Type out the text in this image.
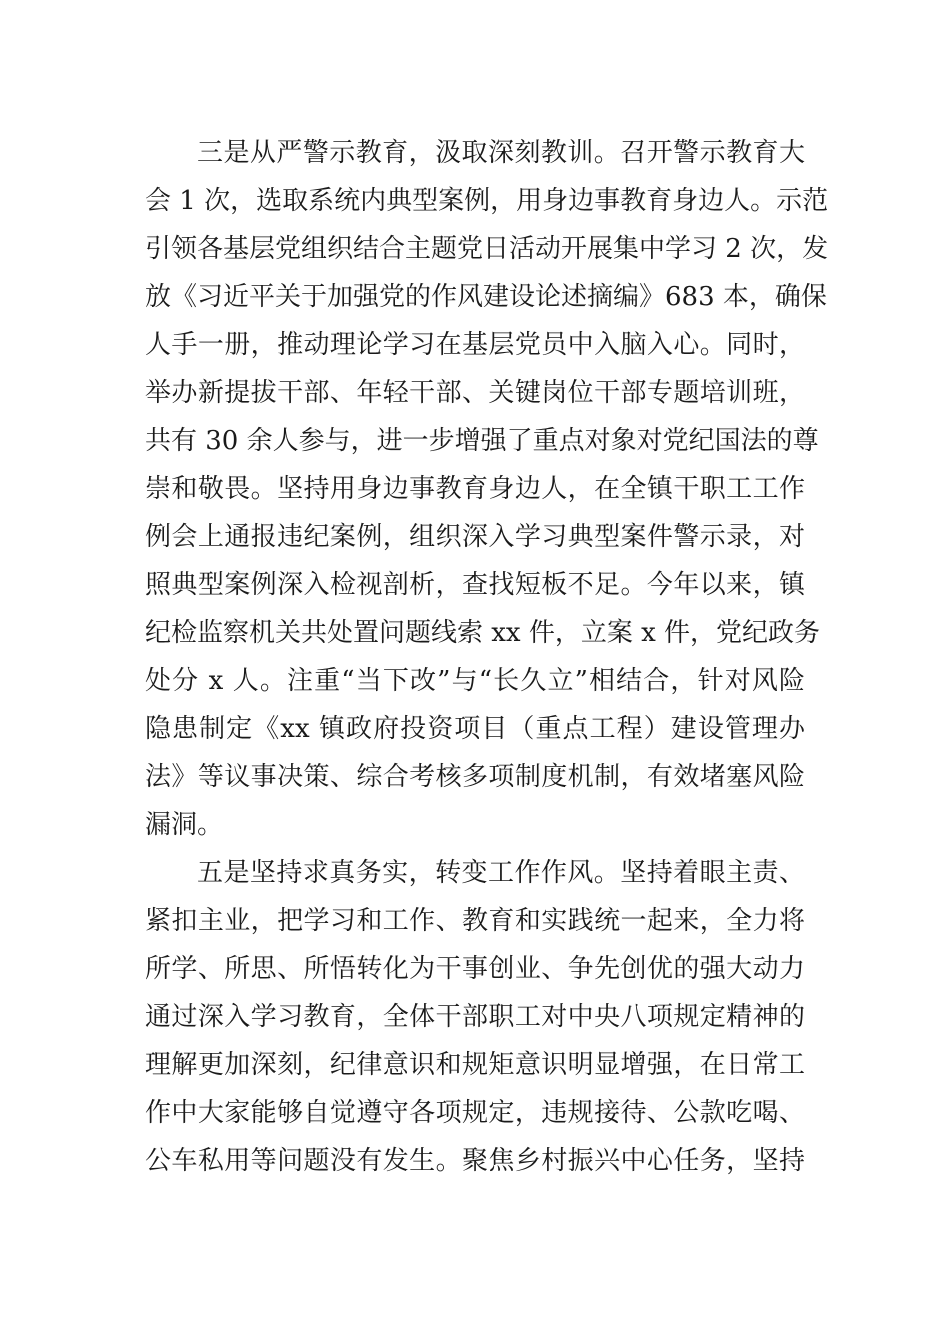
三是从严警示教育，汲取深刻教训。召开警示教育大
会 1 次，选取系统内典型案例，用身边事教育身边人。示范
引领各基层党组织结合主题党日活动开展集中学习 2 次，发
放《习近平关于加强党的作风建设论述摘编》683 本，确保
人手一册，推动理论学习在基层党员中入脑入心。同时，
举办新提拔干部、年轻干部、关键岗位干部专题培训班，
共有 30 余人参与，进一步增强了重点对象对党纪国法的尊
崇和敬畏。坚持用身边事教育身边人，在全镇干职工工作
例会上通报违纪案例，组织深入学习典型案件警示录，对
照典型案例深入检视剖析，查找短板不足。今年以来，镇
纪检监察机关共处置问题线索 xx 件，立案 x 件，党纪政务
处分 x 人。注重“当下改”与“长久立”相结合，针对风险
隐患制定《xx 镇政府投资项目（重点工程）建设管理办
法》等议事决策、综合考核多项制度机制，有效堵塞风险
漏洞。
五是坚持求真务实，转变工作作风。坚持着眼主责、
紧扣主业，把学习和工作、教育和实践统一起来，全力将
所学、所思、所悟转化为干事创业、争先创优的强大动力
通过深入学习教育，全体干部职工对中央八项规定精神的
理解更加深刻，纪律意识和规矩意识明显增强，在日常工
作中大家能够自觉遵守各项规定，违规接待、公款吃喝、
公车私用等问题没有发生。聚焦乡村振兴中心任务，坚持
